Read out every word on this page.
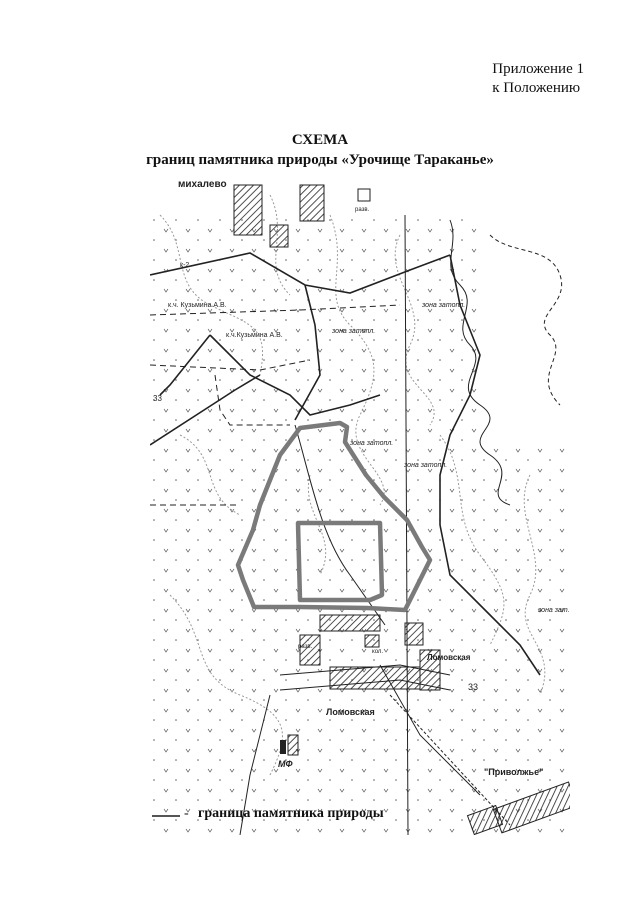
Приложение 1
к Положению
СХЕМА
границ памятника природы «Урочище Тараканье»
михалево
к-2
к.ч. Кузьмина А.В.
к.ч.Кузьмина А.В.
зона затопл.
зона затопл.
зона затопл.
зона затопл.
зона зат.
33
33
Ломовская
Ломовская
"Приволжье"
МФ
разв.
разв.
кол.
- граница памятника природы
